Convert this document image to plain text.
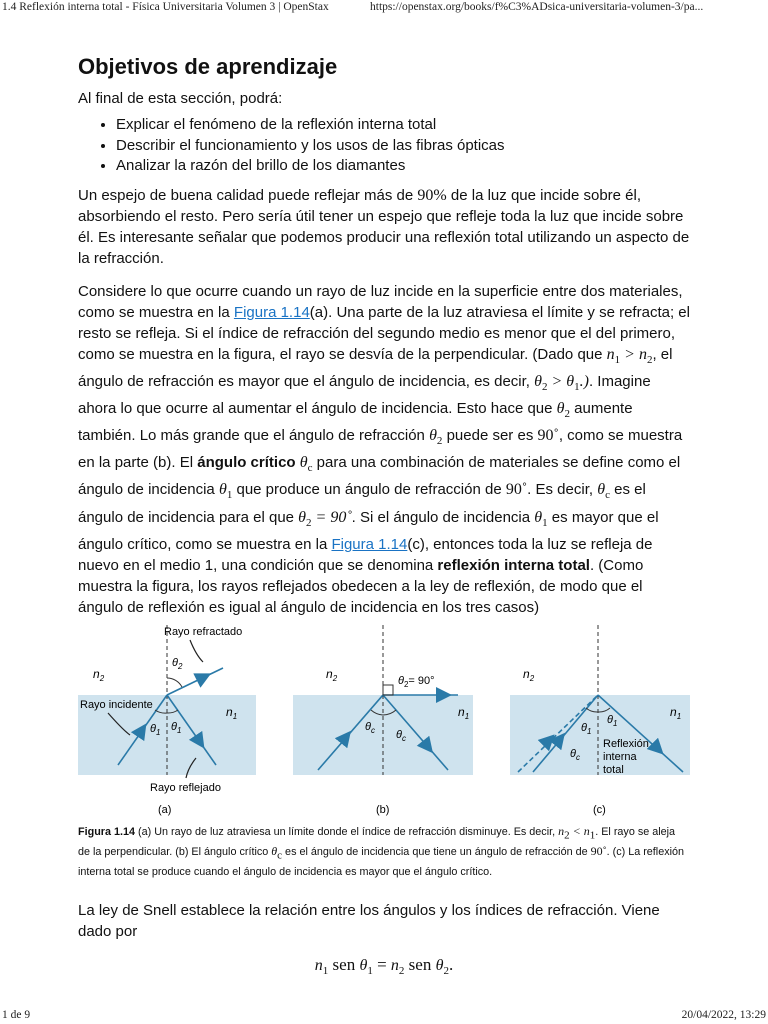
1.4 Reflexión interna total - Física Universitaria Volumen 3 | OpenStax	https://openstax.org/books/f%C3%ADsica-universitaria-volumen-3/pa...
Objetivos de aprendizaje

Al final de esta sección, podrá:

• Explicar el fenómeno de la reflexión interna total
• Describir el funcionamiento y los usos de las fibras ópticas
• Analizar la razón del brillo de los diamantes

Un espejo de buena calidad puede reflejar más de 90% de la luz que incide sobre él, absorbiendo el resto. Pero sería útil tener un espejo que refleje toda la luz que incide sobre él. Es interesante señalar que podemos producir una reflexión total utilizando un aspecto de la refracción.

Considere lo que ocurre cuando un rayo de luz incide en la superficie entre dos materiales, como se muestra en la Figura 1.14(a). Una parte de la luz atraviesa el límite y se refracta; el resto se refleja. Si el índice de refracción del segundo medio es menor que el del primero, como se muestra en la figura, el rayo se desvía de la perpendicular. (Dado que $n_1 > n_2$, el ángulo de refracción es mayor que el ángulo de incidencia, es decir, $\theta_2 > \theta_1$.). Imagine ahora lo que ocurre al aumentar el ángulo de incidencia. Esto hace que $\theta_2$ aumente también. Lo más grande que el ángulo de refracción $\theta_2$ puede ser es 90˚, como se muestra en la parte (b). El ángulo crítico $\theta_c$ para una combinación de materiales se define como el ángulo de incidencia $\theta_1$ que produce un ángulo de refracción de 90˚. Es decir, $\theta_c$ es el ángulo de incidencia para el que $\theta_2$ = 90˚. Si el ángulo de incidencia $\theta_1$ es mayor que el ángulo crítico, como se muestra en la Figura 1.14(c), entonces toda la luz se refleja de nuevo en el medio 1, una condición que se denomina reflexión interna total. (Como muestra la figura, los rayos reflejados obedecen a la ley de reflexión, de modo que el ángulo de reflexión es igual al ángulo de incidencia en los tres casos)

Rayo refractado
Rayo incidente
Rayo reflejado
$n_2$
$n_1$
$\theta_2$
$\theta_1$ $\theta_1$
(a)
$n_2$
$n_1$
$\theta_2= 90^\circ$
$\theta_c$ $\theta_c$
(b)
$n_2$
$n_1$
$\theta_1$
$\theta_1$
$\theta_c$
Reflexión
interna
total
(c)
Figura 1.14 (a) Un rayo de luz atraviesa un límite donde el índice de refracción disminuye. Es decir, $n_2 < n_1$. El rayo se aleja de la perpendicular. (b) El ángulo crítico $\theta_c$ es el ángulo de incidencia que tiene un ángulo de refracción de 90˚. (c) La reflexión interna total se produce cuando el ángulo de incidencia es mayor que el ángulo crítico.

La ley de Snell establece la relación entre los ángulos y los índices de refracción. Viene dado por

$n_1$ sen $\theta_1 = n_2$ sen $\theta_2$.
1 de 9	20/04/2022, 13:29
